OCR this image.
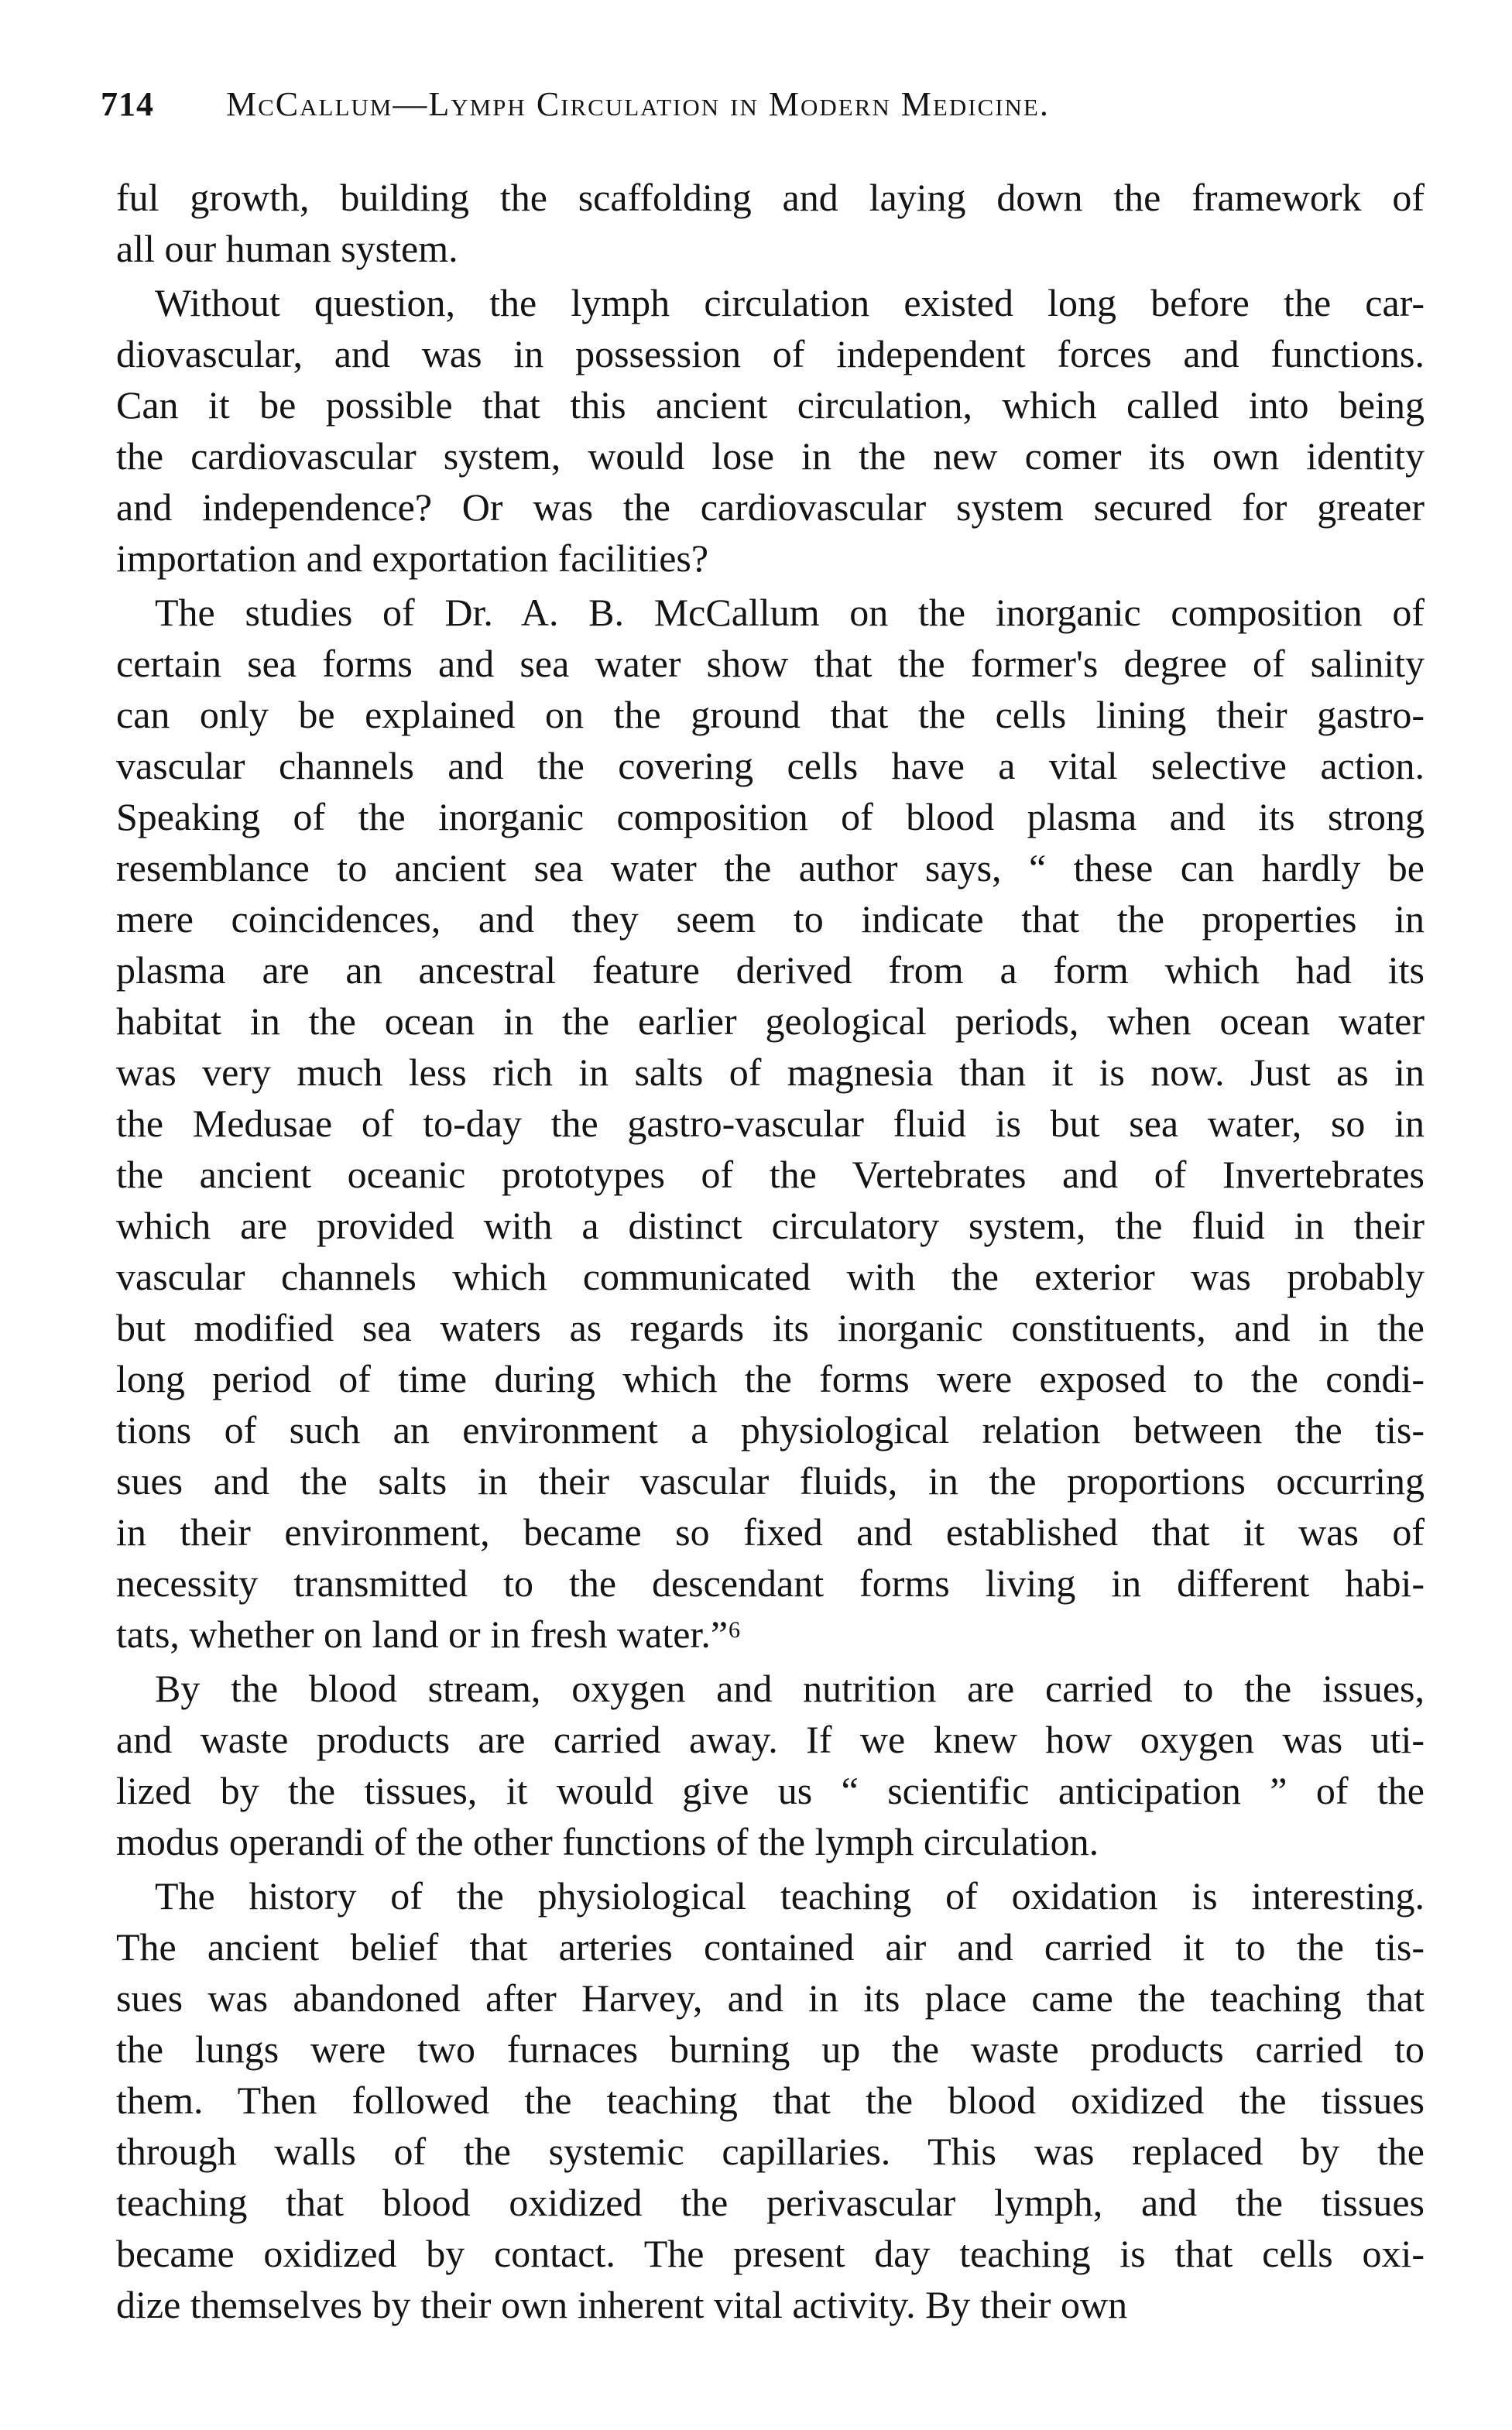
714 McCallum—Lymph Circulation in Modern Medicine.
ful growth, building the scaffolding and laying down the framework of
all our human system.
Without question, the lymph circulation existed long before the car-
diovascular, and was in possession of independent forces and functions.
Can it be possible that this ancient circulation, which called into being
the cardiovascular system, would lose in the new comer its own identity
and independence? Or was the cardiovascular system secured for greater
importation and exportation facilities?
The studies of Dr. A. B. McCallum on the inorganic composition of
certain sea forms and sea water show that the former's degree of salinity
can only be explained on the ground that the cells lining their gastro-
vascular channels and the covering cells have a vital selective action.
Speaking of the inorganic composition of blood plasma and its strong
resemblance to ancient sea water the author says, “ these can hardly be
mere coincidences, and they seem to indicate that the properties in
plasma are an ancestral feature derived from a form which had its
habitat in the ocean in the earlier geological periods, when ocean water
was very much less rich in salts of magnesia than it is now. Just as in
the Medusae of to-day the gastro-vascular fluid is but sea water, so in
the ancient oceanic prototypes of the Vertebrates and of Invertebrates
which are provided with a distinct circulatory system, the fluid in their
vascular channels which communicated with the exterior was probably
but modified sea waters as regards its inorganic constituents, and in the
long period of time during which the forms were exposed to the condi-
tions of such an environment a physiological relation between the tis-
sues and the salts in their vascular fluids, in the proportions occurring
in their environment, became so fixed and established that it was of
necessity transmitted to the descendant forms living in different habi-
tats, whether on land or in fresh water.”⁶
By the blood stream, oxygen and nutrition are carried to the issues,
and waste products are carried away. If we knew how oxygen was uti-
lized by the tissues, it would give us “ scientific anticipation ” of the
modus operandi of the other functions of the lymph circulation.
The history of the physiological teaching of oxidation is interesting.
The ancient belief that arteries contained air and carried it to the tis-
sues was abandoned after Harvey, and in its place came the teaching that
the lungs were two furnaces burning up the waste products carried to
them. Then followed the teaching that the blood oxidized the tissues
through walls of the systemic capillaries. This was replaced by the
teaching that blood oxidized the perivascular lymph, and the tissues
became oxidized by contact. The present day teaching is that cells oxi-
dize themselves by their own inherent vital activity. By their own
